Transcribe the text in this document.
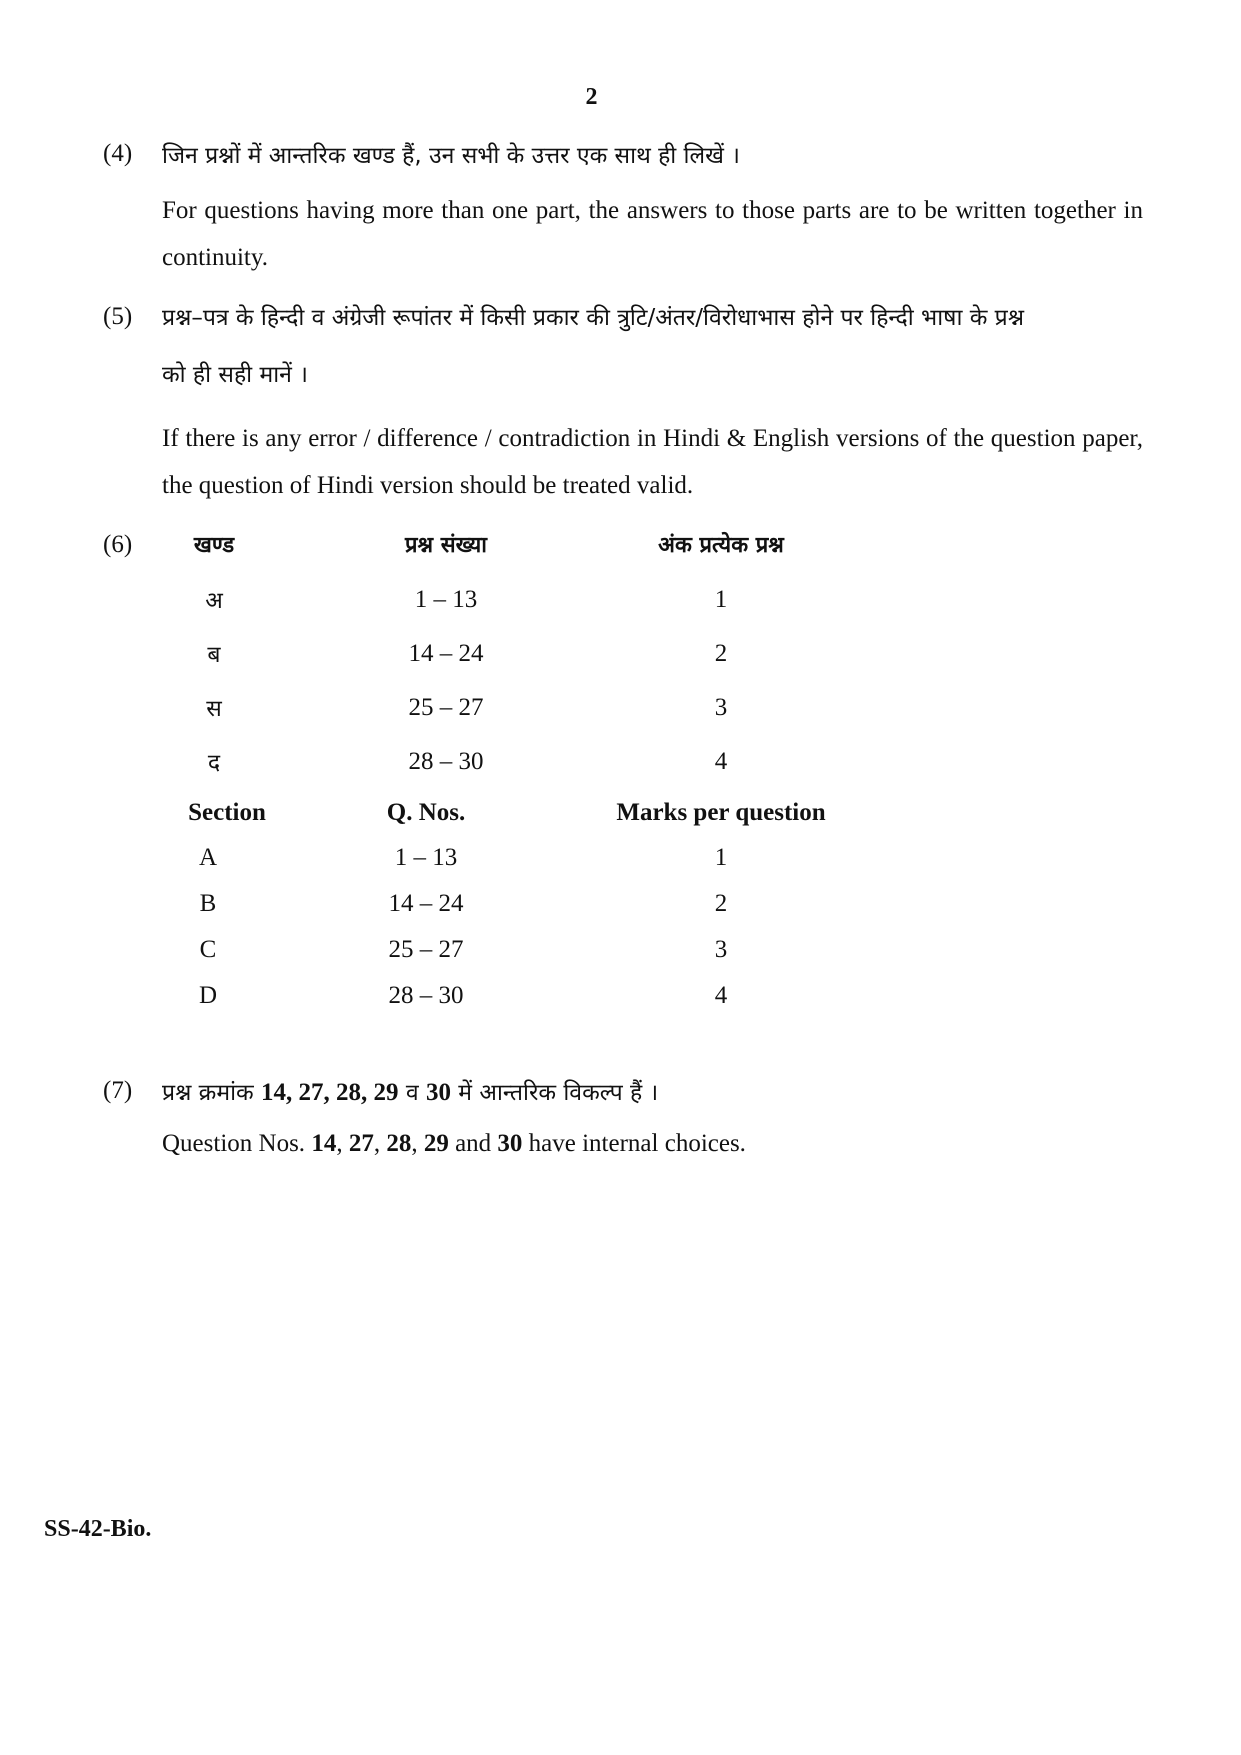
2
(4) जिन प्रश्नों में आन्तरिक खण्ड हैं, उन सभी के उत्तर एक साथ ही लिखें ।
For questions having more than one part, the answers to those parts are to be written together in continuity.
(5) प्रश्न–पत्र के हिन्दी व अंग्रेजी रूपांतर में किसी प्रकार की त्रुटि/अंतर/विरोधाभास होने पर हिन्दी भाषा के प्रश्न
को ही सही मानें ।
If there is any error / difference / contradiction in Hindi & English versions of the question paper, the question of Hindi version should be treated valid.
(6)	खण्ड	प्रश्न संख्या	अंक प्रत्येक प्रश्न
अ	1 – 13	1
ब	14 – 24	2
स	25 – 27	3
द	28 – 30	4
Section	Q. Nos.	Marks per question
A	1 – 13	1
B	14 – 24	2
C	25 – 27	3
D	28 – 30	4
(7) प्रश्न क्रमांक 14, 27, 28, 29 व 30 में आन्तरिक विकल्प हैं ।
Question Nos. 14, 27, 28, 29 and 30 have internal choices.
SS-42-Bio.
